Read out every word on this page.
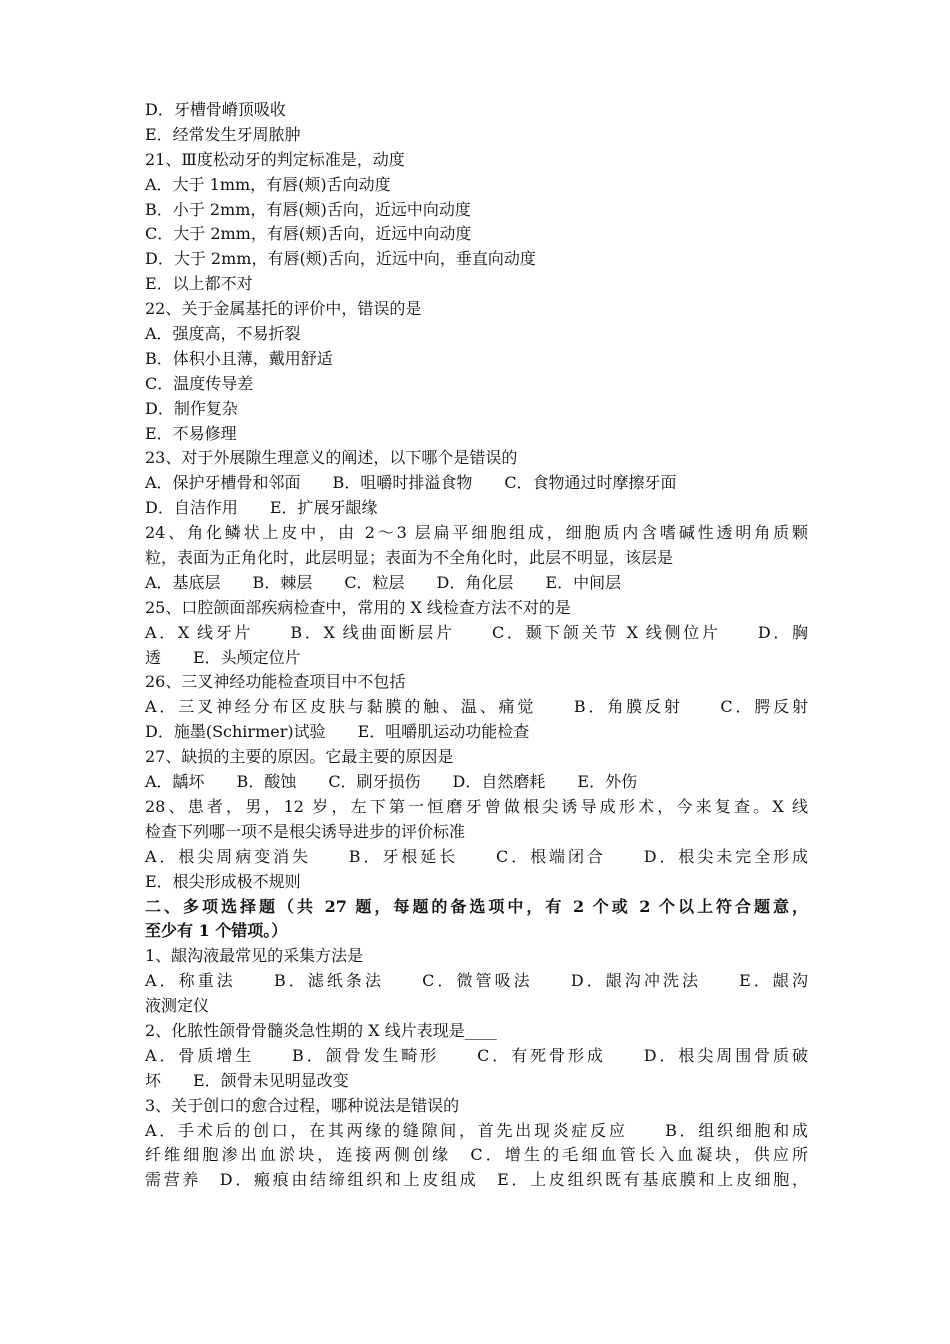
D．牙槽骨嵴顶吸收
E．经常发生牙周脓肿
21、Ⅲ度松动牙的判定标准是，动度
A．大于 1mm，有唇(颊)舌向动度
B．小于 2mm，有唇(颊)舌向，近远中向动度
C．大于 2mm，有唇(颊)舌向，近远中向动度
D．大于 2mm，有唇(颊)舌向，近远中向，垂直向动度
E．以上都不对
22、关于金属基托的评价中，错误的是
A．强度高，不易折裂
B．体积小且薄，戴用舒适
C．温度传导差
D．制作复杂
E．不易修理
23、对于外展隙生理意义的阐述，以下哪个是错误的
A．保护牙槽骨和邻面　　B．咀嚼时排溢食物　　C．食物通过时摩擦牙面
D．自洁作用　　E．扩展牙龈缘
24、角化鳞状上皮中，由 2～3 层扁平细胞组成，细胞质内含嗜碱性透明角质颗
粒，表面为正角化时，此层明显；表面为不全角化时，此层不明显，该层是
A．基底层　　B．棘层　　C．粒层　　D．角化层　　E．中间层
25、口腔颌面部疾病检查中，常用的 X 线检查方法不对的是
A．X 线牙片　　B．X 线曲面断层片　　C．颞下颌关节 X 线侧位片　　D．胸
透　　E．头颅定位片
26、三叉神经功能检查项目中不包括
A．三叉神经分布区皮肤与黏膜的触、温、痛觉　　B．角膜反射　　C．腭反射
D．施墨(Schirmer)试验　　E．咀嚼肌运动功能检查
27、缺损的主要的原因。它最主要的原因是
A．龋坏　　B．酸蚀　　C．刷牙损伤　　D．自然磨耗　　E．外伤
28、患者，男，12 岁，左下第一恒磨牙曾做根尖诱导成形术，今来复查。X 线
检查下列哪一项不是根尖诱导进步的评价标准
A．根尖周病变消失　　B．牙根延长　　C．根端闭合　　D．根尖未完全形成
E．根尖形成极不规则
二、多项选择题（共 27 题，每题的备选项中，有 2 个或 2 个以上符合题意，
至少有 1 个错项。）
1、龈沟液最常见的采集方法是
A．称重法　　B．滤纸条法　　C．微管吸法　　D．龈沟冲洗法　　E．龈沟
液测定仪
2、化脓性颌骨骨髓炎急性期的 X 线片表现是____
A．骨质增生　　B．颌骨发生畸形　　C．有死骨形成　　D．根尖周围骨质破
坏　　E．颌骨未见明显改变
3、关于创口的愈合过程，哪种说法是错误的
A．手术后的创口，在其两缘的缝隙间，首先出现炎症反应　　B．组织细胞和成
纤维细胞渗出血淤块，连接两侧创缘　C．增生的毛细血管长入血凝块，供应所
需营养　D．瘢痕由结缔组织和上皮组成　E．上皮组织既有基底膜和上皮细胞，
